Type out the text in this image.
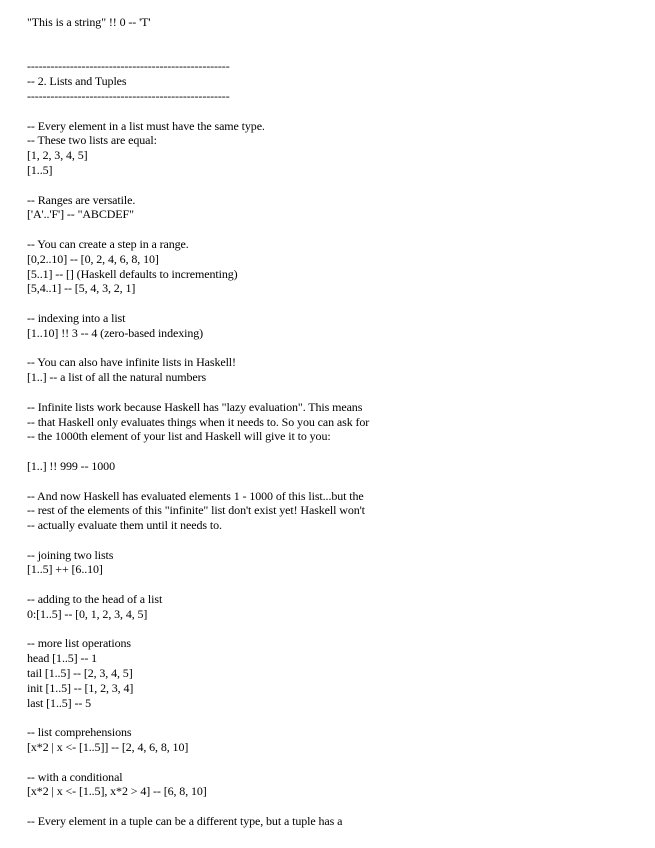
"This is a string" !! 0 -- 'T'
----------------------------------------------------
-- 2. Lists and Tuples
----------------------------------------------------
-- Every element in a list must have the same type.
-- These two lists are equal:
[1, 2, 3, 4, 5]
[1..5]
-- Ranges are versatile.
['A'..'F'] -- "ABCDEF"
-- You can create a step in a range.
[0,2..10] -- [0, 2, 4, 6, 8, 10]
[5..1] -- [] (Haskell defaults to incrementing)
[5,4..1] -- [5, 4, 3, 2, 1]
-- indexing into a list
[1..10] !! 3 -- 4 (zero-based indexing)
-- You can also have infinite lists in Haskell!
[1..] -- a list of all the natural numbers
-- Infinite lists work because Haskell has "lazy evaluation". This means
-- that Haskell only evaluates things when it needs to. So you can ask for
-- the 1000th element of your list and Haskell will give it to you:
[1..] !! 999 -- 1000
-- And now Haskell has evaluated elements 1 - 1000 of this list...but the
-- rest of the elements of this "infinite" list don't exist yet! Haskell won't
-- actually evaluate them until it needs to.
-- joining two lists
[1..5] ++ [6..10]
-- adding to the head of a list
0:[1..5] -- [0, 1, 2, 3, 4, 5]
-- more list operations
head [1..5] -- 1
tail [1..5] -- [2, 3, 4, 5]
init [1..5] -- [1, 2, 3, 4]
last [1..5] -- 5
-- list comprehensions
[x*2 | x <- [1..5]] -- [2, 4, 6, 8, 10]
-- with a conditional
[x*2 | x <- [1..5], x*2 > 4] -- [6, 8, 10]
-- Every element in a tuple can be a different type, but a tuple has a
